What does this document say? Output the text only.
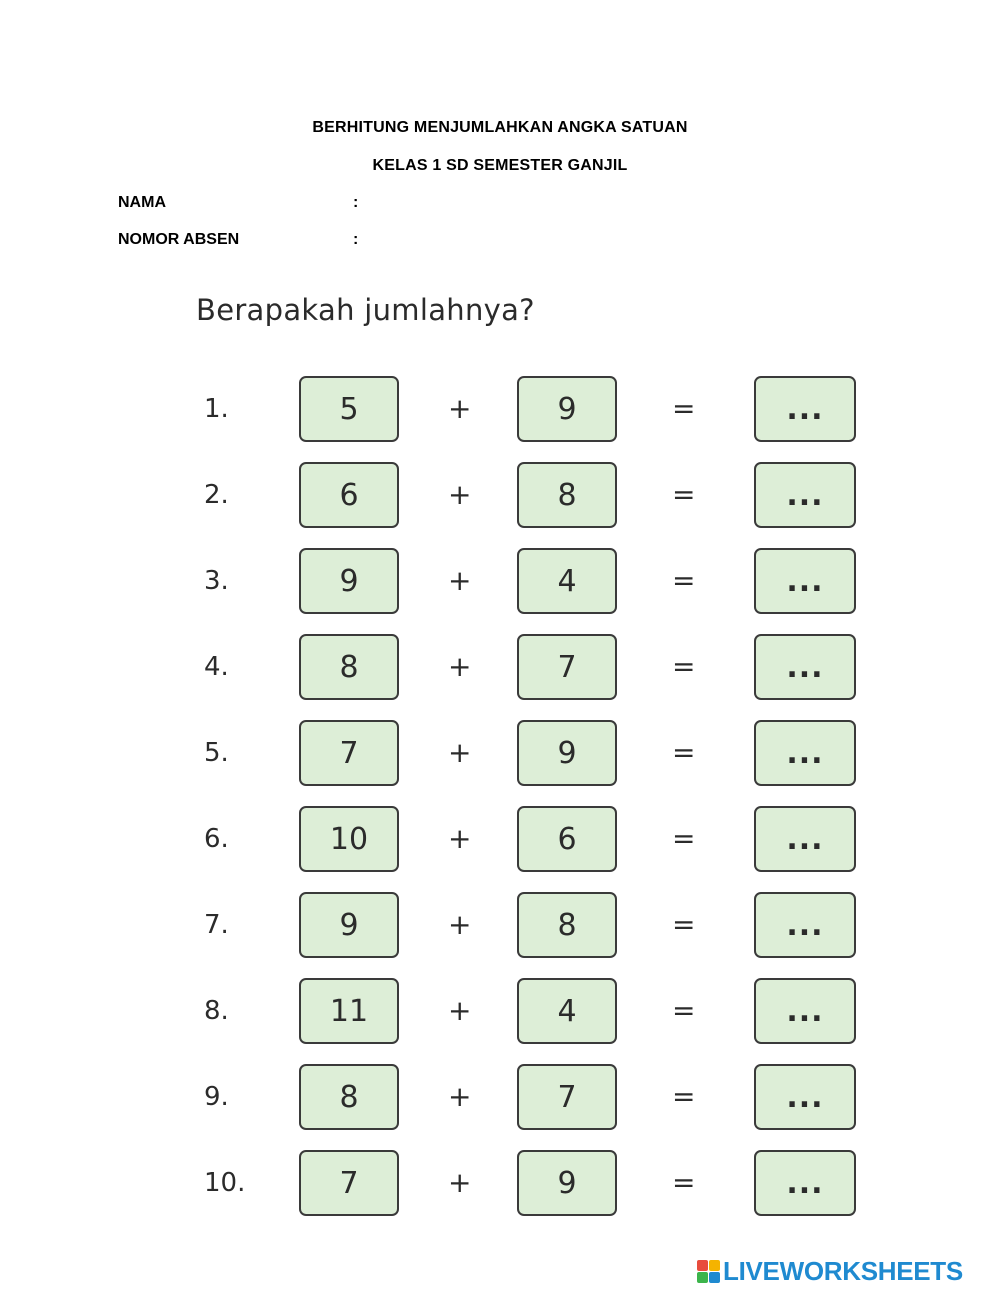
BERHITUNG MENJUMLAHKAN ANGKA SATUAN
KELAS 1 SD SEMESTER GANJIL
NAMA	:
NOMOR ABSEN	:
Berapakah jumlahnya?
1.	5	+	9	=	...
2.	6	+	8	=	...
3.	9	+	4	=	...
4.	8	+	7	=	...
5.	7	+	9	=	...
6.	10	+	6	=	...
7.	9	+	8	=	...
8.	11	+	4	=	...
9.	8	+	7	=	...
10.	7	+	9	=	...
LIVEWORKSHEETS
